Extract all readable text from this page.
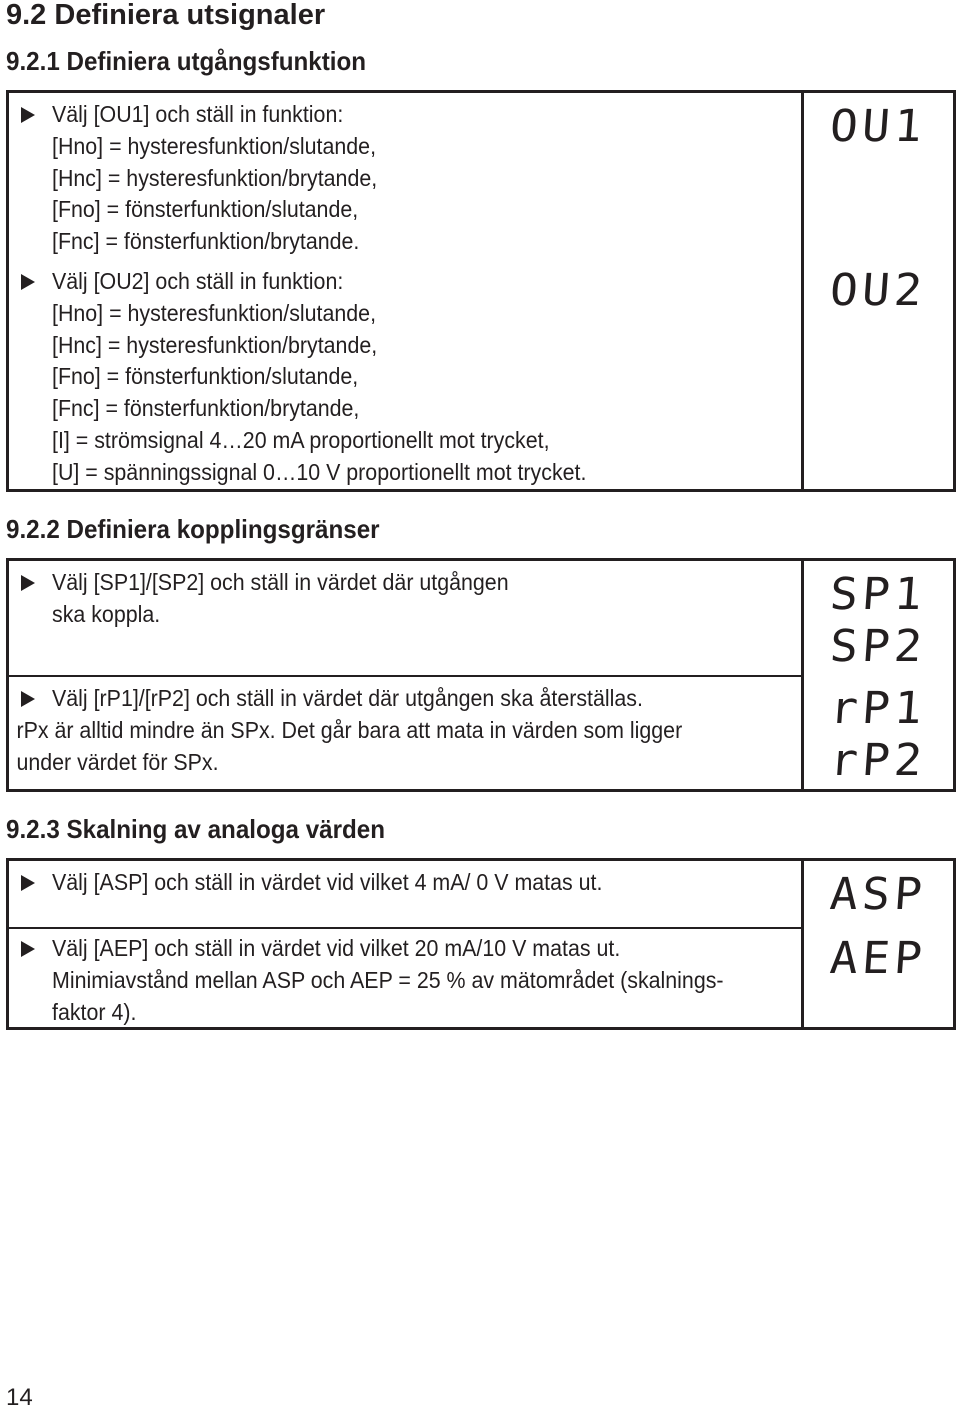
9.2 Definiera utsignaler
9.2.1 Definiera utgångsfunktion
Välj [OU1] och ställ in funktion:
[Hno] = hysteresfunktion/slutande,
[Hnc] = hysteresfunktion/brytande,
[Fno] = fönsterfunktion/slutande,
[Fnc] = fönsterfunktion/brytande.
Välj [OU2] och ställ in funktion:
[Hno] = hysteresfunktion/slutande,
[Hnc] = hysteresfunktion/brytande,
[Fno] = fönsterfunktion/slutande,
[Fnc] = fönsterfunktion/brytande,
[I] = strömsignal 4…20 mA proportionellt mot trycket,
[U] = spänningssignal 0…10 V proportionellt mot trycket.
OU1
OU2
9.2.2 Definiera kopplingsgränser
Välj [SP1]/[SP2] och ställ in värdet där utgången
ska koppla.
Välj [rP1]/[rP2] och ställ in värdet där utgången ska återställas.
rPx är alltid mindre än SPx. Det går bara att mata in värden som ligger
under värdet för SPx.
SP1
SP2
rP1
rP2
9.2.3 Skalning av analoga värden
Välj [ASP] och ställ in värdet vid vilket 4 mA/ 0 V matas ut.
Välj [AEP] och ställ in värdet vid vilket 20 mA/10 V matas ut.
Minimiavstånd mellan ASP och AEP = 25 % av mätområdet (skalnings-
faktor 4).
ASP
AEP
14
